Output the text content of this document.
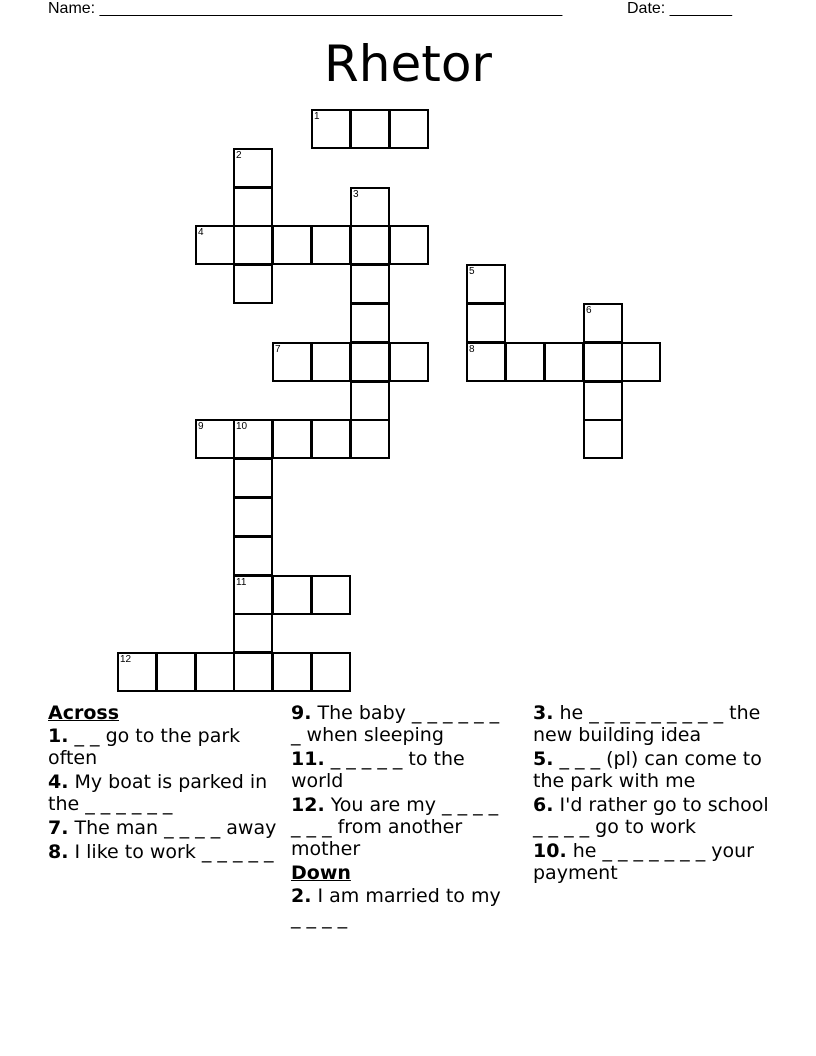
Name: ____________________________________________________	Date: _______
Rhetor
1
2
3
4
5
6
7	8
9	10
11
12
Across
1. _ _ go to the park often
4. My boat is parked in the _ _ _ _ _ _
7. The man _ _ _ _ away
8. I like to work _ _ _ _ _
9. The baby _ _ _ _ _ _ _ when sleeping
11. _ _ _ _ _ to the world
12. You are my _ _ _ _ _ _ _ from another mother
Down
2. I am married to my _ _ _ _
3. he _ _ _ _ _ _ _ _ _ the new building idea
5. _ _ _ (pl) can come to the park with me
6. I'd rather go to school _ _ _ _ go to work
10. he _ _ _ _ _ _ _ your payment
